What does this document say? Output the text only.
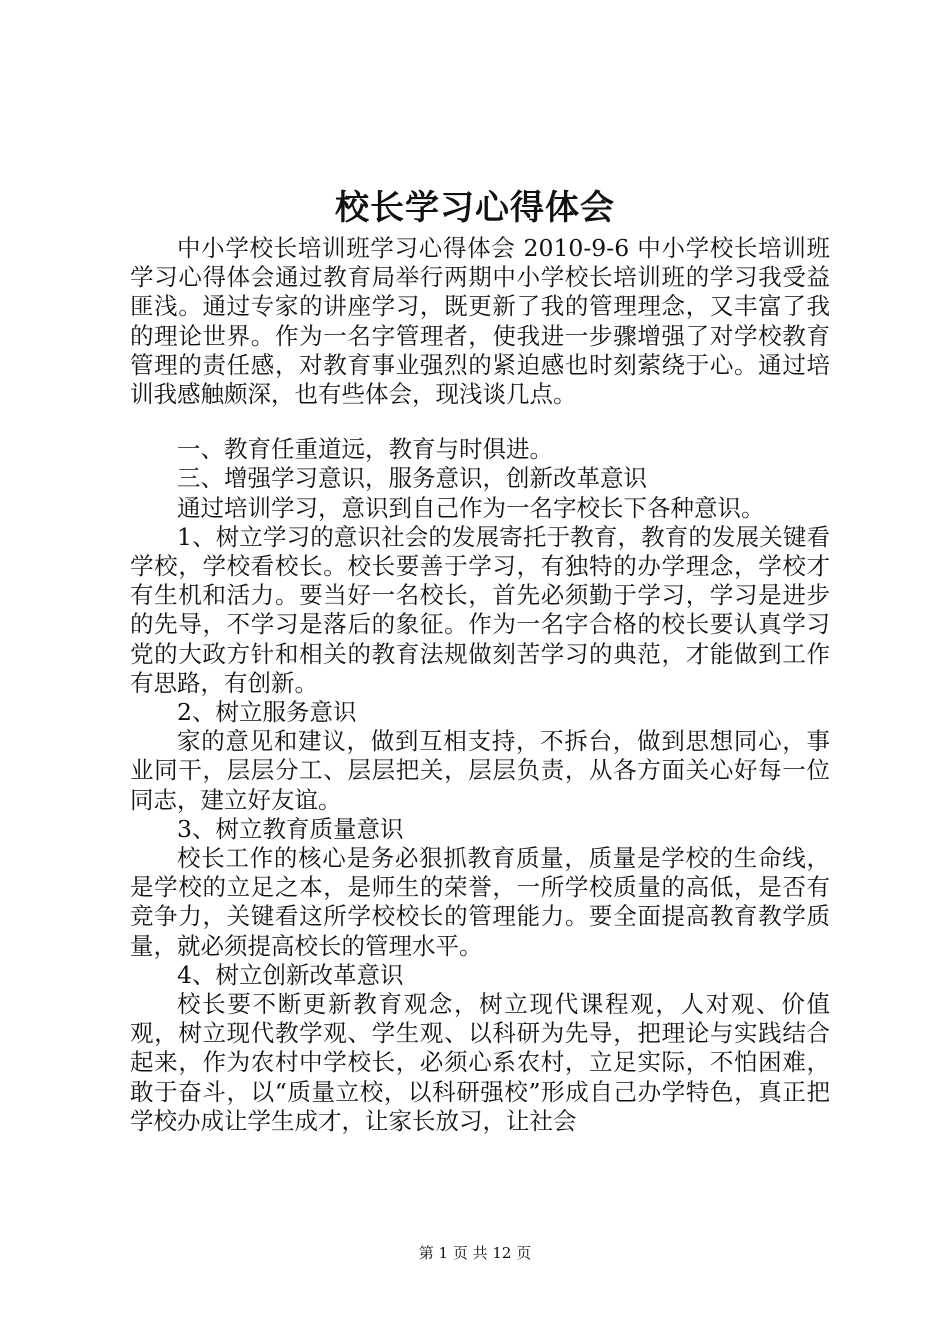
校长学习心得体会

中小学校长培训班学习心得体会 2010-9-6 中小学校长培训班学习心得体会通过教育局举行两期中小学校长培训班的学习我受益匪浅。通过专家的讲座学习，既更新了我的管理理念，又丰富了我的理论世界。作为一名字管理者，使我进一步骤增强了对学校教育管理的责任感，对教育事业强烈的紧迫感也时刻萦绕于心。通过培训我感触颇深，也有些体会，现浅谈几点。

一、教育任重道远，教育与时俱进。

三、增强学习意识，服务意识，创新改革意识

通过培训学习，意识到自己作为一名字校长下各种意识。

1、树立学习的意识社会的发展寄托于教育，教育的发展关键看学校，学校看校长。校长要善于学习，有独特的办学理念，学校才有生机和活力。要当好一名校长，首先必须勤于学习，学习是进步的先导，不学习是落后的象征。作为一名字合格的校长要认真学习党的大政方针和相关的教育法规做刻苦学习的典范，才能做到工作有思路，有创新。

2、树立服务意识

家的意见和建议，做到互相支持，不拆台，做到思想同心，事业同干，层层分工、层层把关，层层负责，从各方面关心好每一位同志，建立好友谊。

3、树立教育质量意识

校长工作的核心是务必狠抓教育质量，质量是学校的生命线，是学校的立足之本，是师生的荣誉，一所学校质量的高低，是否有竞争力，关键看这所学校校长的管理能力。要全面提高教育教学质量，就必须提高校长的管理水平。

4、树立创新改革意识

校长要不断更新教育观念，树立现代课程观，人对观、价值观，树立现代教学观、学生观、以科研为先导，把理论与实践结合起来，作为农村中学校长，必须心系农村，立足实际，不怕困难，敢于奋斗，以“质量立校，以科研强校”形成自己办学特色，真正把学校办成让学生成才，让家长放习，让社会

第 1 页 共 12 页
